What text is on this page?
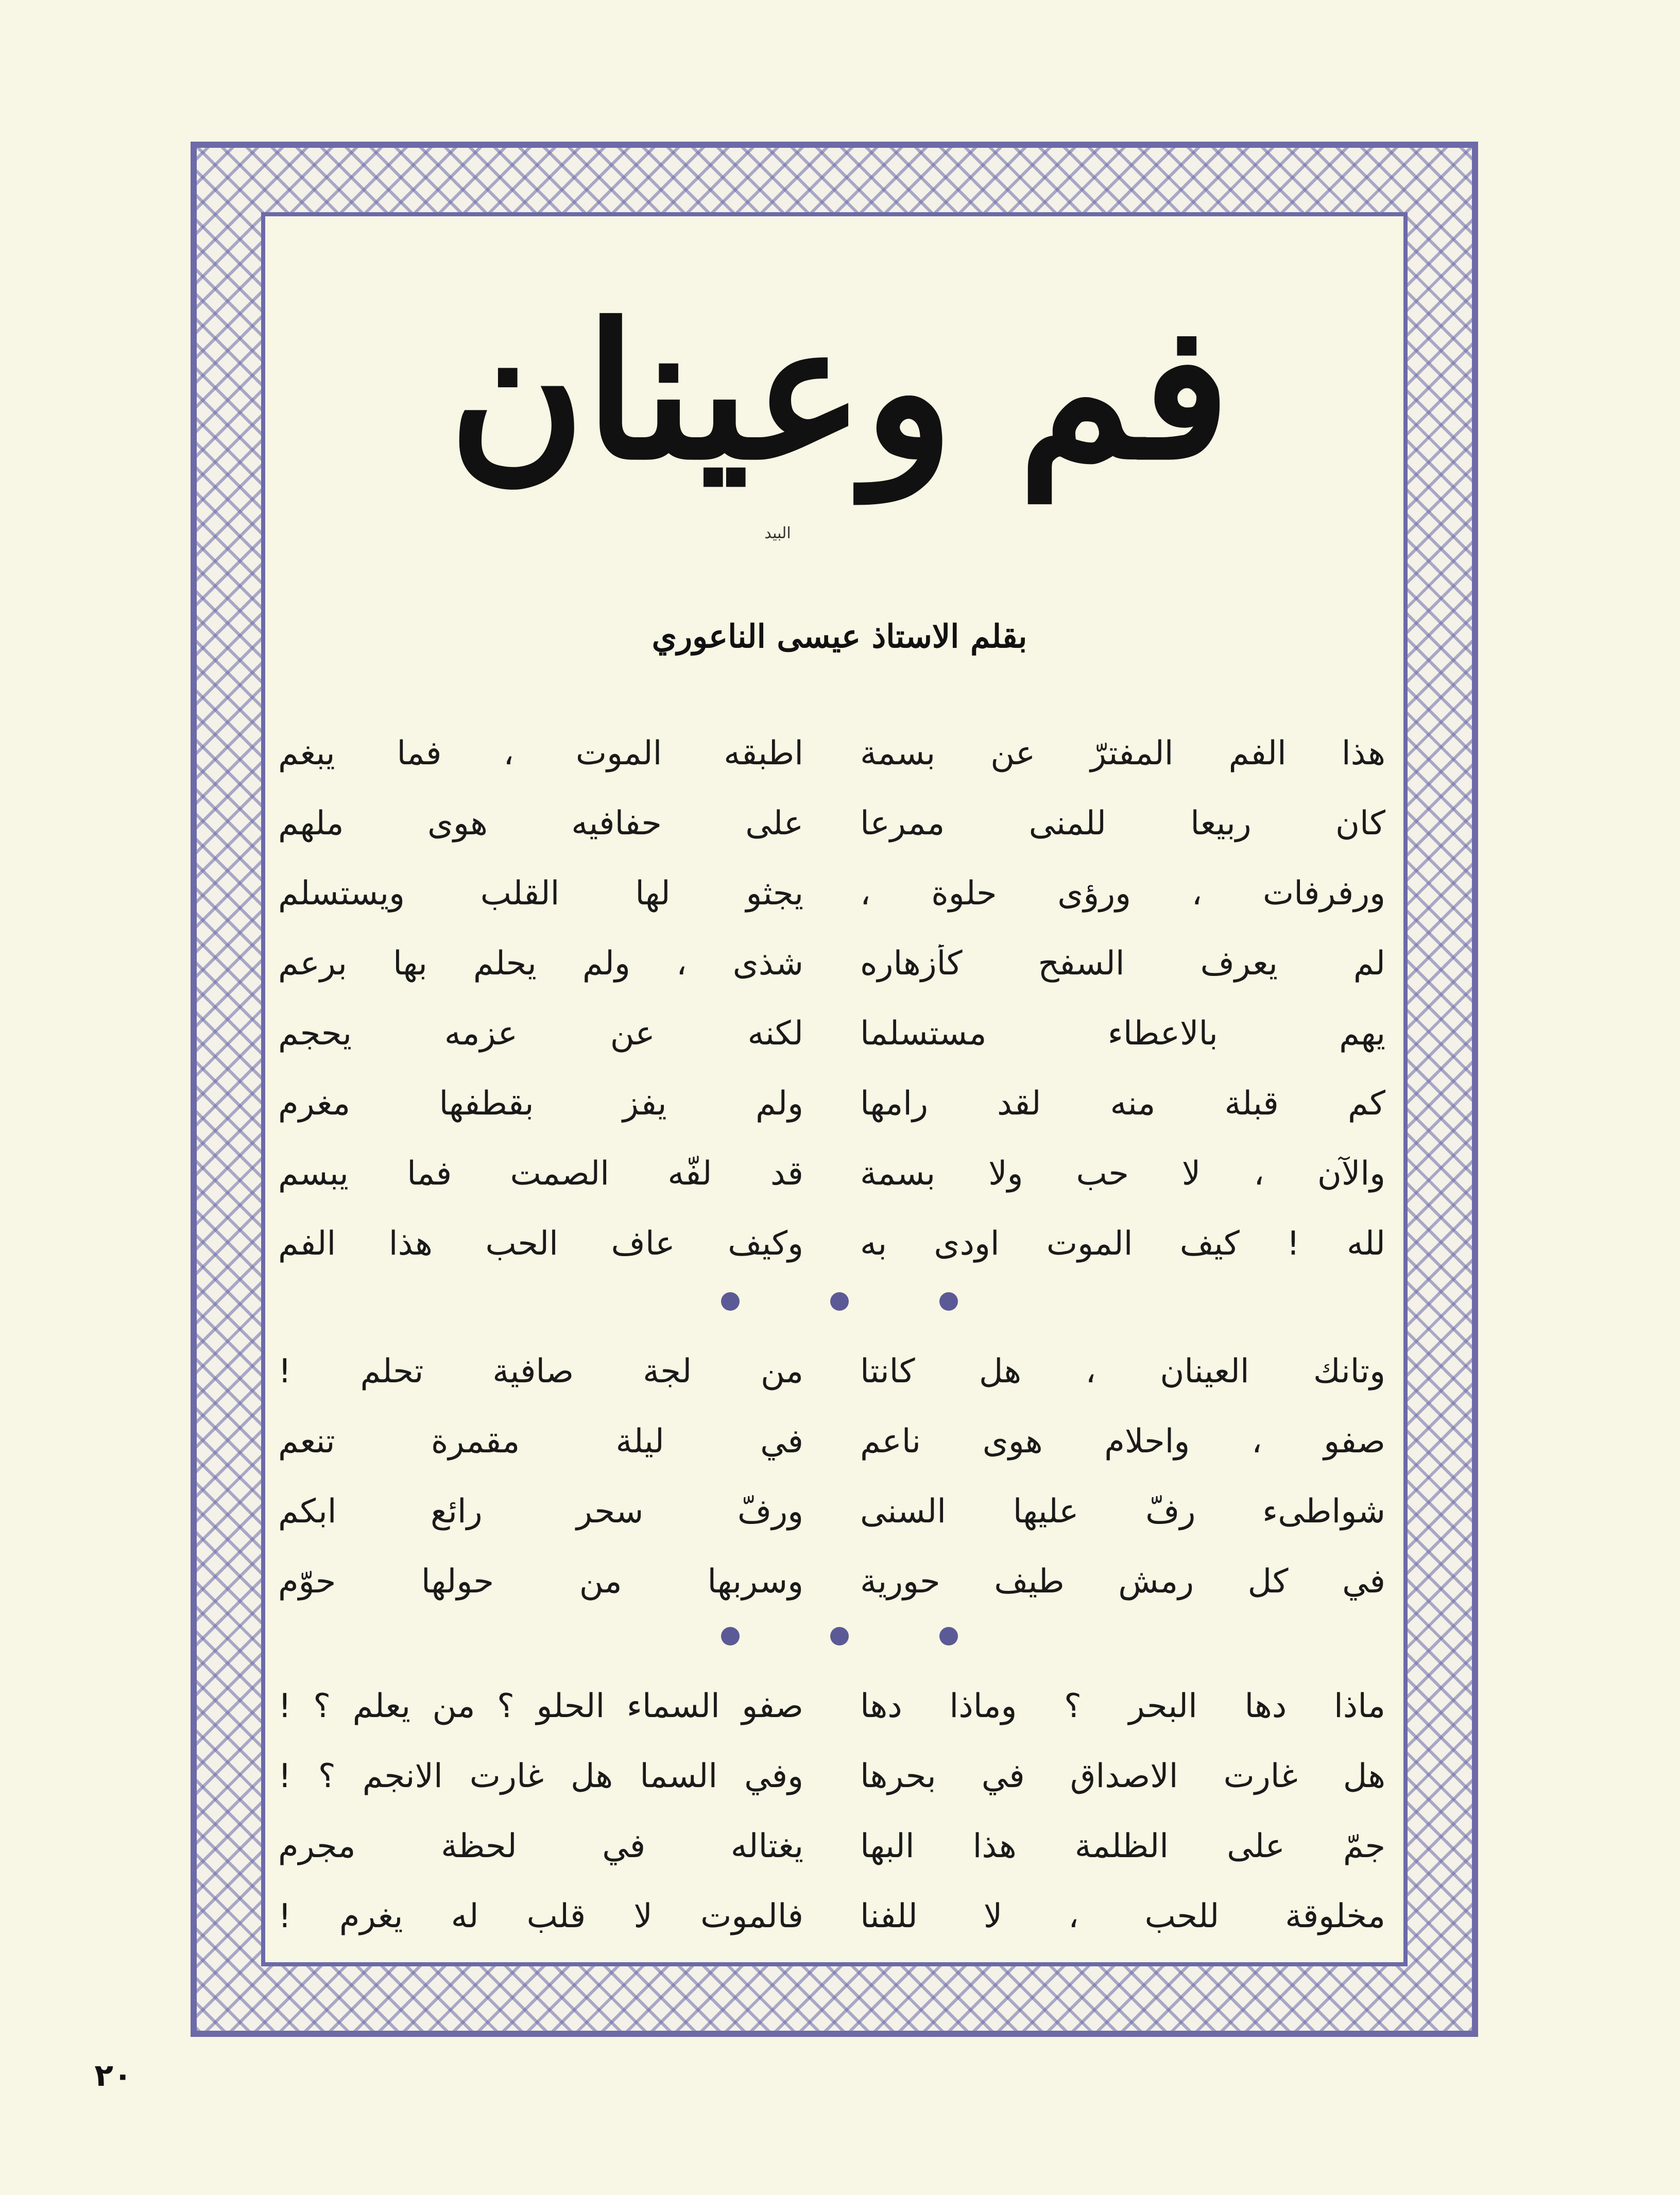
فم وعينان
البيد
بقلم الاستاذ عيسى الناعوري
هذا الفم المفترّ عن بسمة
اطبقه الموت ، فما يبغم
كان ربيعا للمنى ممرعا
على حفافيه هوى ملهم
ورفرفات ، ورؤى حلوة ،
يجثو لها القلب ويستسلم
لم يعرف السفح كأزهاره
شذى ، ولم يحلم بها برعم
يهم بالاعطاء مستسلما
لكنه عن عزمه يحجم
كم قبلة منه لقد رامها
ولم يفز بقطفها مغرم
والآن ، لا حب ولا بسمة
قد لفّه الصمت فما يبسم
لله ! كيف الموت اودى به
وكيف عاف الحب هذا الفم
وتانك العينان ، هل كانتا
من لجة صافية تحلم !
صفو ، واحلام هوى ناعم
في ليلة مقمرة تنعم
شواطىء رفّ عليها السنى
ورفّ سحر رائع ابكم
في كل رمش طيف حورية
وسربها من حولها حوّم
ماذا دها البحر ؟ وماذا دها
صفو السماء الحلو ؟ من يعلم ؟ !
هل غارت الاصداق في بحرها
وفي السما هل غارت الانجم ؟ !
جمّ على الظلمة هذا البها
يغتاله في لحظة مجرم
مخلوقة للحب ، لا للفنا
فالموت لا قلب له يغرم !
٢٠
